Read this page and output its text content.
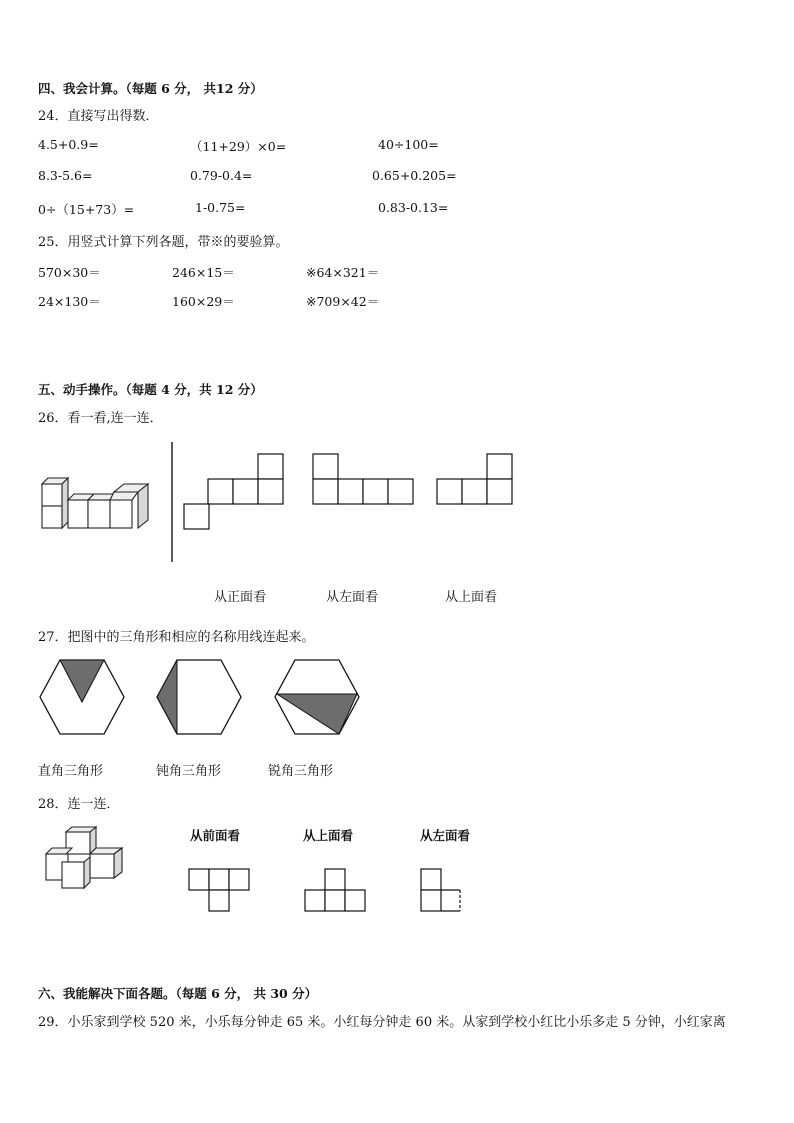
四、我会计算。（每题 6 分， 共12 分）
24．直接写出得数．
4.5+0.9=	（11+29）×0=	40÷100=
8.3-5.6=	0.79-0.4=	0.65+0.205=
0÷（15+73）=	1-0.75=	0.83-0.13=
25．用竖式计算下列各题，带※的要验算。
570×30＝	246×15＝	※64×321＝
24×130＝	160×29＝	※709×42＝
五、动手操作。（每题 4 分，共 12 分）
26．看一看,连一连．
从正面看	从左面看	从上面看
27．把图中的三角形和相应的名称用线连起来。
直角三角形	钝角三角形	锐角三角形
28．连一连．
从前面看	从上面看	从左面看
六、我能解决下面各题。（每题 6 分， 共 30 分）
29．小乐家到学校 520 米，小乐每分钟走 65 米。小红每分钟走 60 米。从家到学校小红比小乐多走 5 分钟，小红家离
